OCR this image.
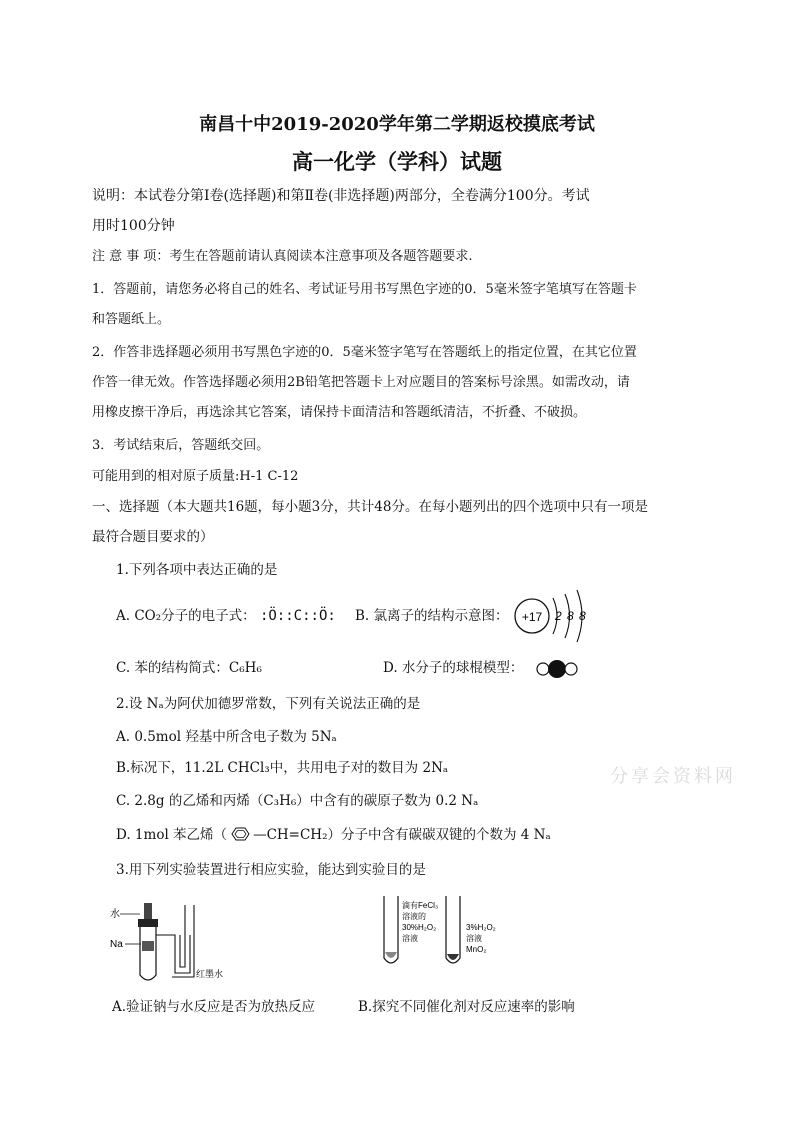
南昌十中2019-2020学年第二学期返校摸底考试
高一化学（学科）试题
说明：本试卷分第Ⅰ卷(选择题)和第Ⅱ卷(非选择题)两部分，全卷满分100分。考试
用时100分钟
注 意 事 项：考生在答题前请认真阅读本注意事项及各题答题要求.
1．答题前，请您务必将自己的姓名、考试证号用书写黑色字迹的0．5毫米签字笔填写在答题卡
和答题纸上。
2．作答非选择题必须用书写黑色字迹的0．5毫米签字笔写在答题纸上的指定位置，在其它位置
作答一律无效。作答选择题必须用2B铅笔把答题卡上对应题目的答案标号涂黑。如需改动，请
用橡皮擦干净后，再选涂其它答案，请保持卡面清洁和答题纸清洁，不折叠、不破损。
3．考试结束后，答题纸交回。
可能用到的相对原子质量:H-1 C-12
一、选择题（本大题共16题，每小题3分，共计48分。在每小题列出的四个选项中只有一项是
最符合题目要求的）
1.下列各项中表达正确的是
A. CO₂分子的电子式： :Ö::C::Ö: B. 氯离子的结构示意图： +17 2 8 8
C. 苯的结构简式：C₆H₆	D. 水分子的球棍模型：
2.设 Nₐ为阿伏加德罗常数，下列有关说法正确的是
A. 0.5mol 羟基中所含电子数为 5Nₐ
B.标况下，11.2L CHCl₃中，共用电子对的数目为 2Nₐ
C. 2.8g 的乙烯和丙烯（C₃H₆）中含有的碳原子数为 0.2 Nₐ
D. 1mol 苯乙烯（ —CH=CH₂）分子中含有碳碳双键的个数为 4 Nₐ
3.用下列实验装置进行相应实验，能达到实验目的是
水
Na
红墨水
滴有FeCl₃
溶液的
30%H₂O₂
溶液
3%H₂O₂
溶液
MnO₂
A.验证钠与水反应是否为放热反应	B.探究不同催化剂对反应速率的影响
分享会资料网
